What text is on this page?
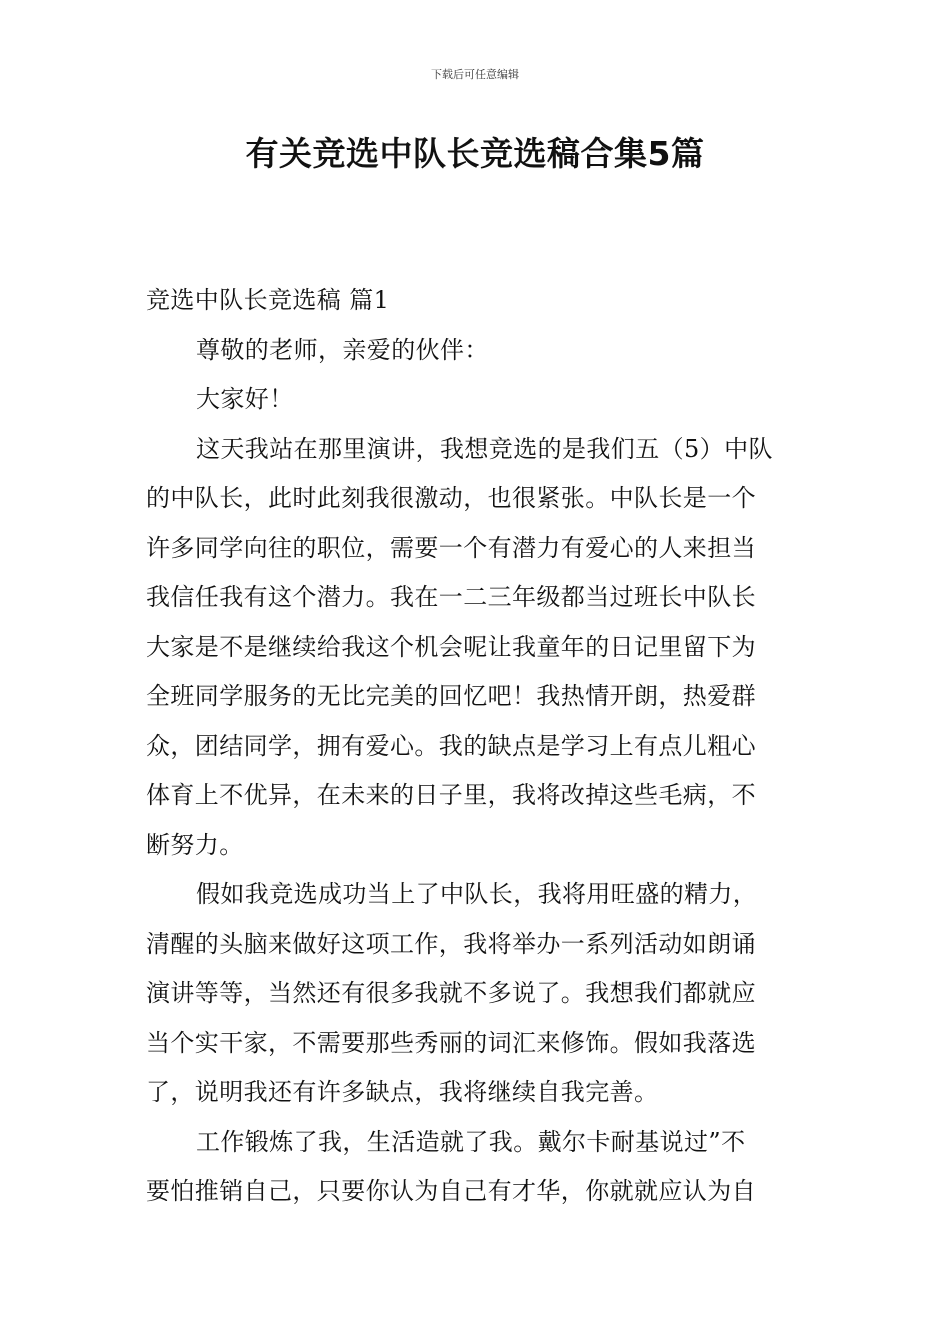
下载后可任意编辑
有关竞选中队长竞选稿合集5篇
竞选中队长竞选稿 篇1
尊敬的老师，亲爱的伙伴：
大家好！
这天我站在那里演讲，我想竞选的是我们五（5）中队
的中队长，此时此刻我很激动，也很紧张。中队长是一个
许多同学向往的职位，需要一个有潜力有爱心的人来担当
我信任我有这个潜力。我在一二三年级都当过班长中队长
大家是不是继续给我这个机会呢让我童年的日记里留下为
全班同学服务的无比完美的回忆吧！我热情开朗，热爱群
众，团结同学，拥有爱心。我的缺点是学习上有点儿粗心
体育上不优异，在未来的日子里，我将改掉这些毛病，不
断努力。
假如我竞选成功当上了中队长，我将用旺盛的精力，
清醒的头脑来做好这项工作，我将举办一系列活动如朗诵
演讲等等，当然还有很多我就不多说了。我想我们都就应
当个实干家，不需要那些秀丽的词汇来修饰。假如我落选
了，说明我还有许多缺点，我将继续自我完善。
工作锻炼了我，生活造就了我。戴尔卡耐基说过”不
要怕推销自己，只要你认为自己有才华，你就就应认为自
